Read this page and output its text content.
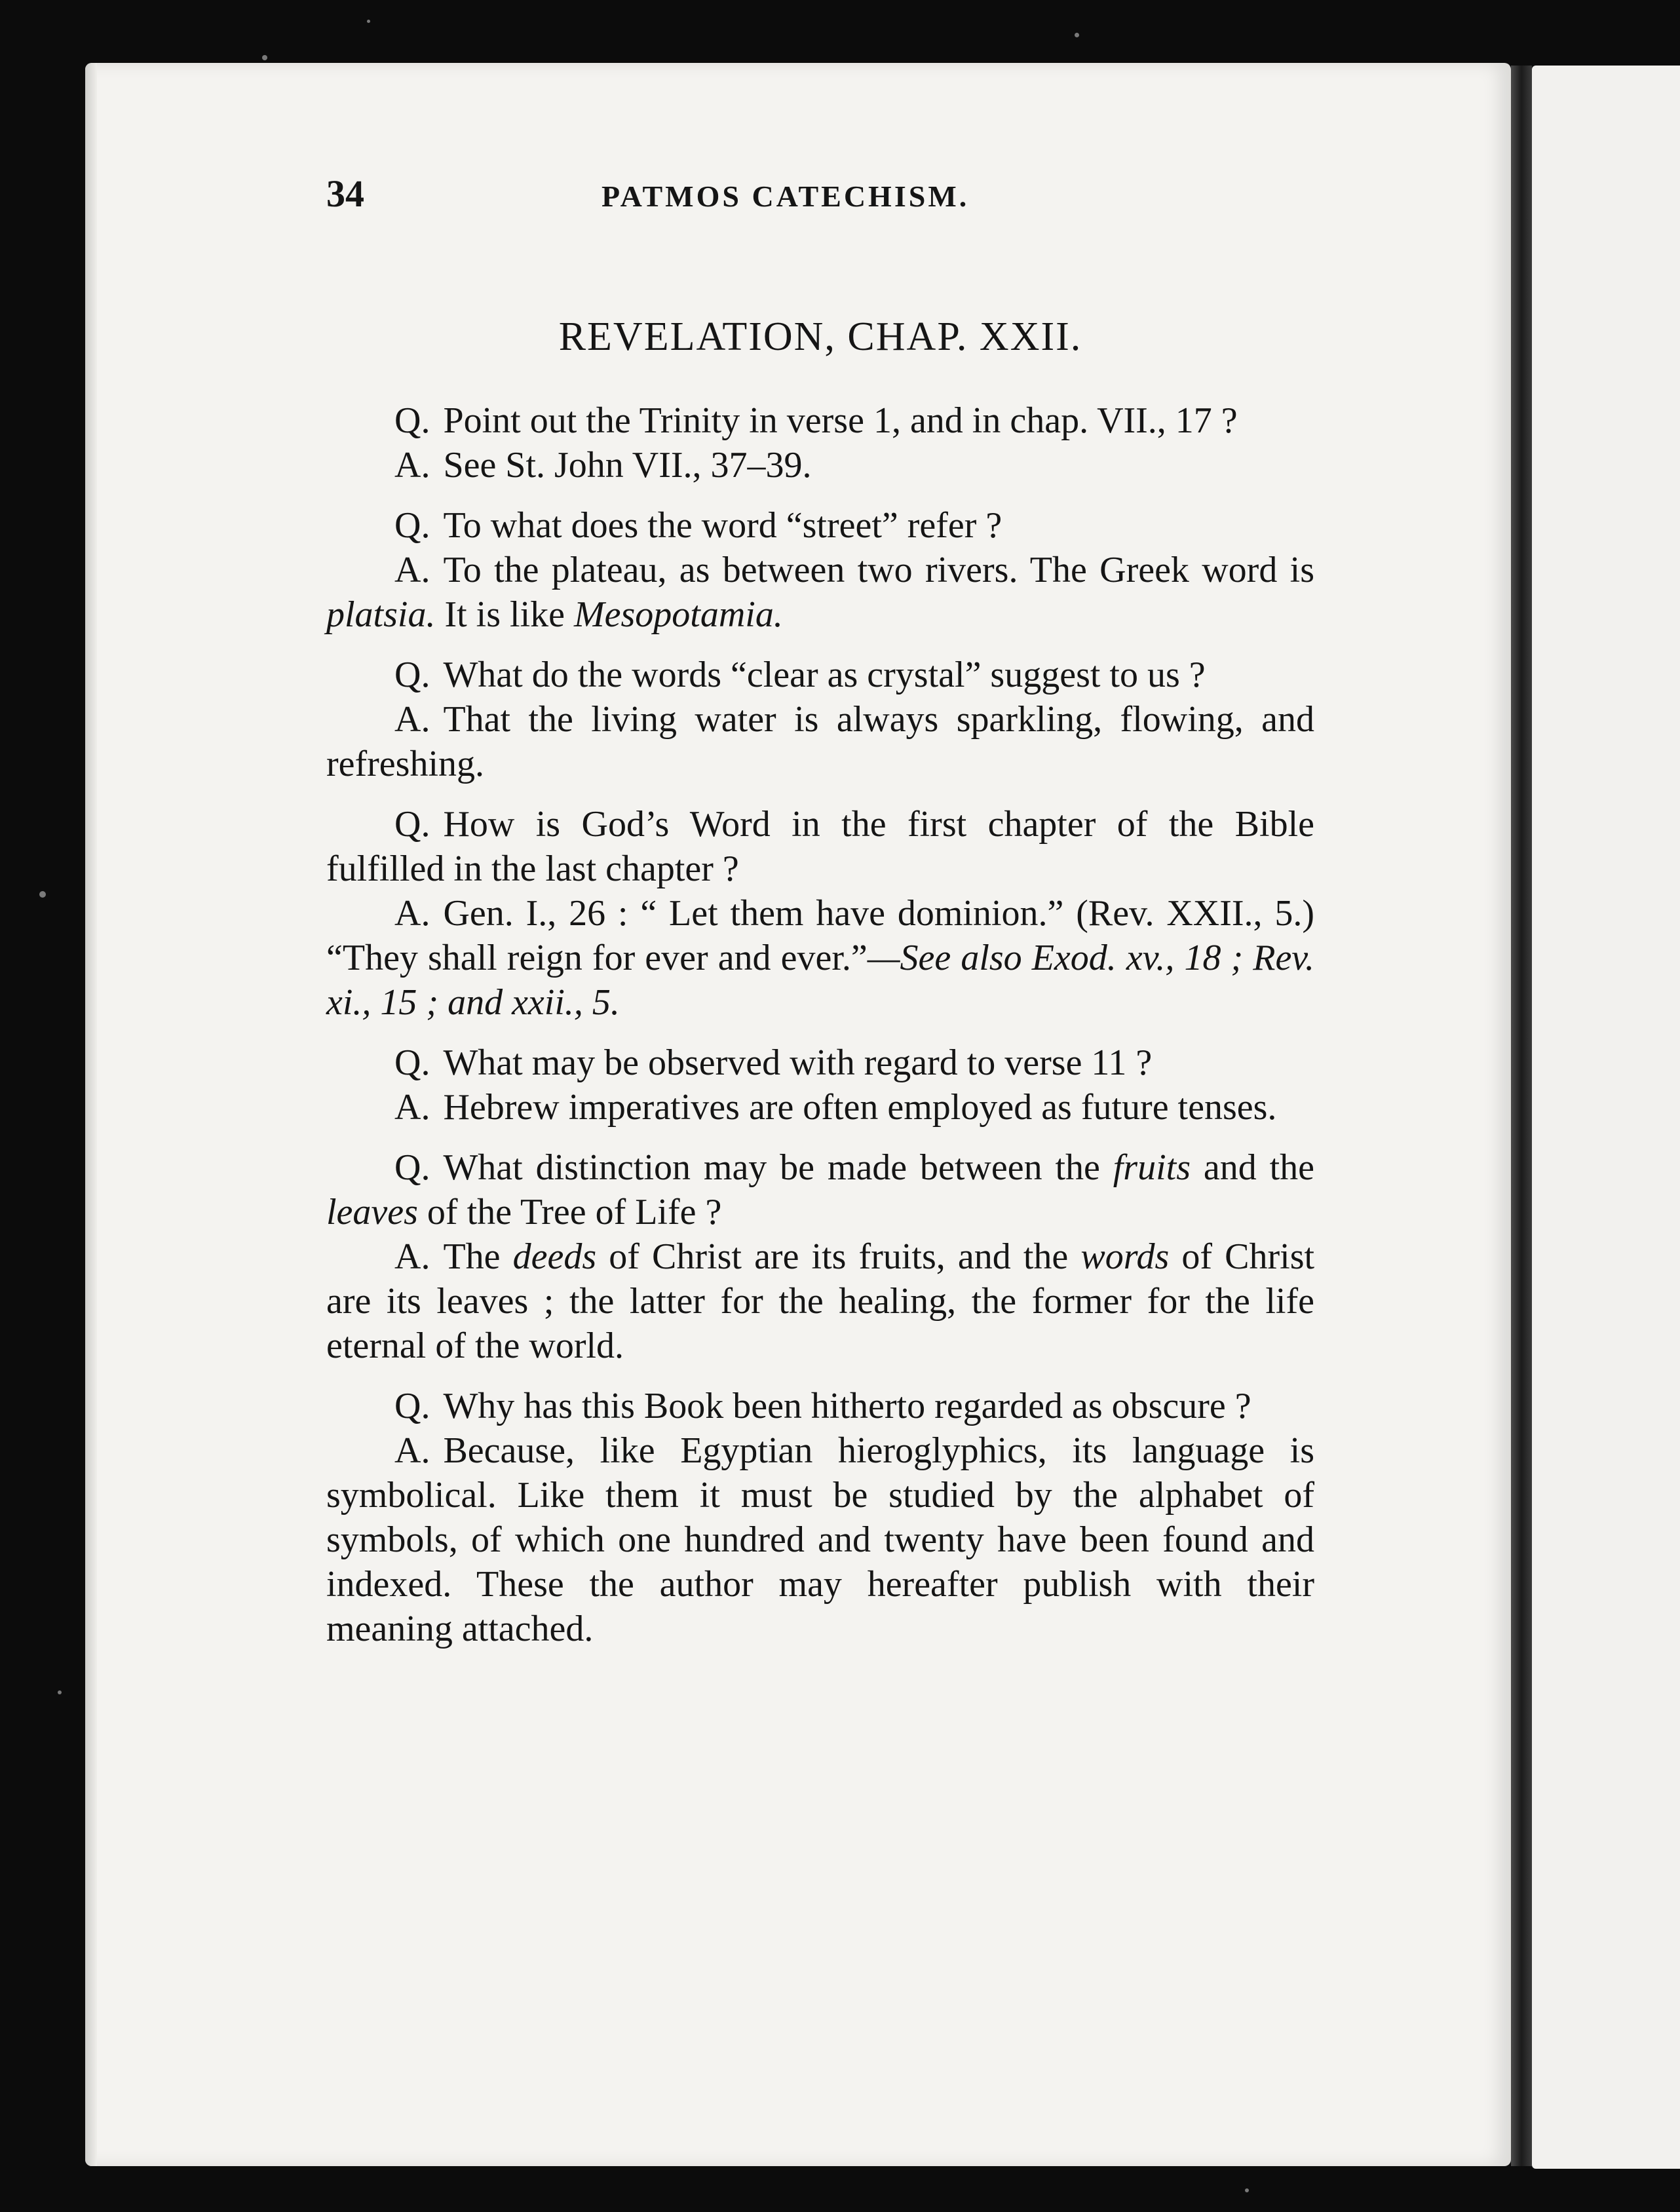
34	PATMOS CATECHISM.
REVELATION, CHAP. XXII.

Q. Point out the Trinity in verse 1, and in chap. VII., 17 ?

A. See St. John VII., 37–39.

Q. To what does the word “street” refer ?

A. To the plateau, as between two rivers. The Greek word is platsia. It is like Mesopotamia.

Q. What do the words “clear as crystal” suggest to us ?

A. That the living water is always sparkling, flowing, and refreshing.

Q. How is God’s Word in the first chapter of the Bible fulfilled in the last chapter ?

A. Gen. I., 26 : “ Let them have dominion.” (Rev. XXII., 5.) “They shall reign for ever and ever.”—See also Exod. xv., 18 ; Rev. xi., 15 ; and xxii., 5.

Q. What may be observed with regard to verse 11 ?

A. Hebrew imperatives are often employed as future tenses.

Q. What distinction may be made between the fruits and the leaves of the Tree of Life ?

A. The deeds of Christ are its fruits, and the words of Christ are its leaves ; the latter for the healing, the former for the life eternal of the world.

Q. Why has this Book been hitherto regarded as obscure ?

A. Because, like Egyptian hieroglyphics, its language is symbolical. Like them it must be studied by the alphabet of symbols, of which one hundred and twenty have been found and indexed. These the author may hereafter publish with their meaning attached.
